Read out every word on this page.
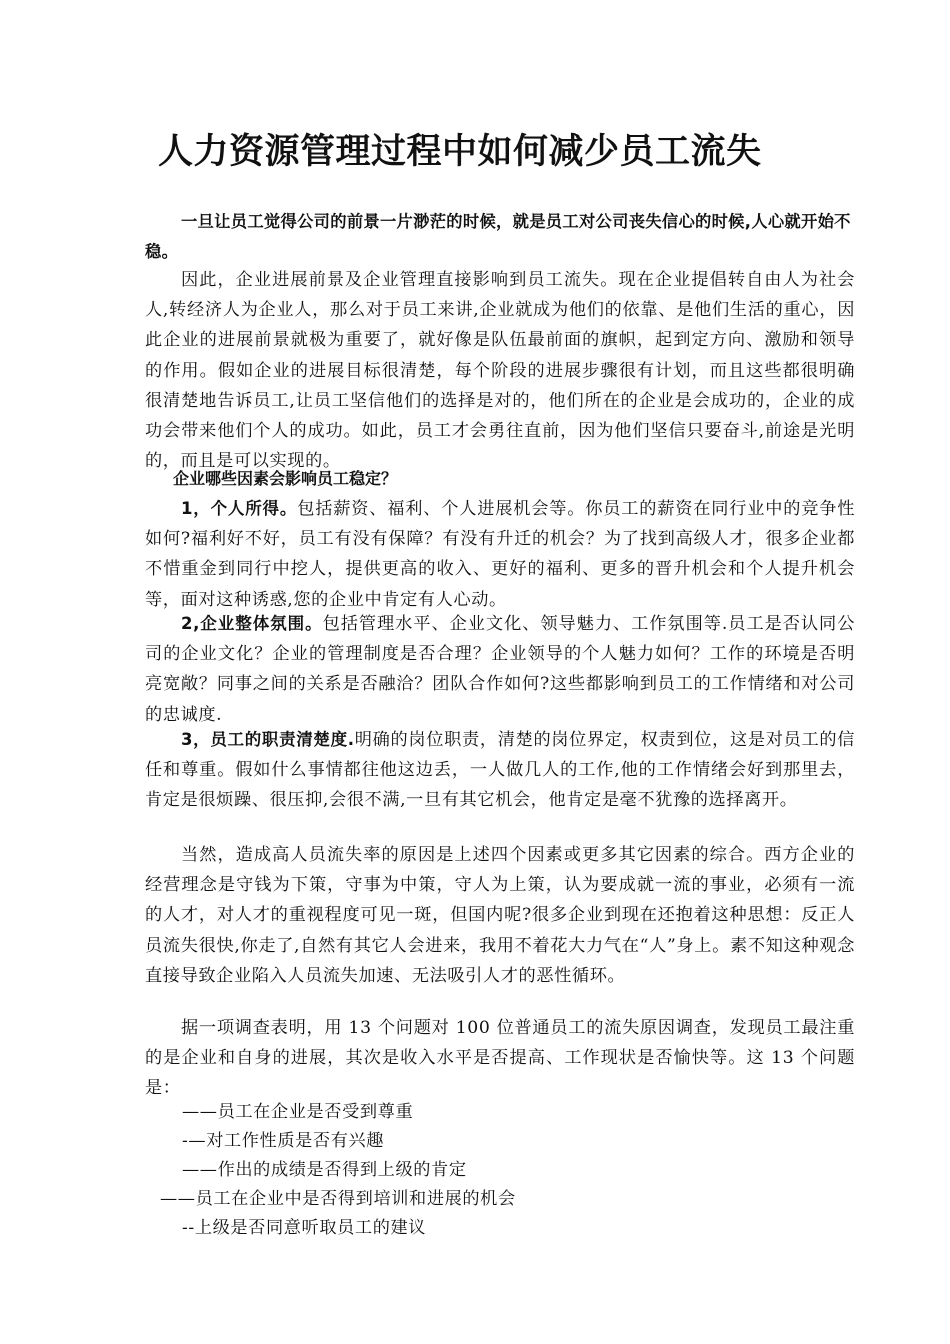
人力资源管理过程中如何减少员工流失

一旦让员工觉得公司的前景一片渺茫的时候，就是员工对公司丧失信心的时候,人心就开始不稳。

因此，企业进展前景及企业管理直接影响到员工流失。现在企业提倡转自由人为社会人,转经济人为企业人，那么对于员工来讲,企业就成为他们的依靠、是他们生活的重心，因此企业的进展前景就极为重要了，就好像是队伍最前面的旗帜，起到定方向、激励和领导的作用。假如企业的进展目标很清楚，每个阶段的进展步骤很有计划，而且这些都很明确很清楚地告诉员工,让员工坚信他们的选择是对的，他们所在的企业是会成功的，企业的成功会带来他们个人的成功。如此，员工才会勇往直前，因为他们坚信只要奋斗,前途是光明的，而且是可以实现的。

企业哪些因素会影响员工稳定？

1，个人所得。包括薪资、福利、个人进展机会等。你员工的薪资在同行业中的竞争性如何?福利好不好，员工有没有保障？有没有升迁的机会？为了找到高级人才，很多企业都不惜重金到同行中挖人，提供更高的收入、更好的福利、更多的晋升机会和个人提升机会等，面对这种诱惑,您的企业中肯定有人心动。

2,企业整体氛围。包括管理水平、企业文化、领导魅力、工作氛围等.员工是否认同公司的企业文化？企业的管理制度是否合理？企业领导的个人魅力如何？工作的环境是否明亮宽敞？同事之间的关系是否融洽？团队合作如何?这些都影响到员工的工作情绪和对公司的忠诚度.

3，员工的职责清楚度.明确的岗位职责，清楚的岗位界定，权责到位，这是对员工的信任和尊重。假如什么事情都往他这边丢，一人做几人的工作,他的工作情绪会好到那里去，肯定是很烦躁、很压抑,会很不满,一旦有其它机会，他肯定是毫不犹豫的选择离开。

当然，造成高人员流失率的原因是上述四个因素或更多其它因素的综合。西方企业的经营理念是守钱为下策，守事为中策，守人为上策，认为要成就一流的事业，必须有一流的人才，对人才的重视程度可见一斑，但国内呢?很多企业到现在还抱着这种思想：反正人员流失很快,你走了,自然有其它人会进来，我用不着花大力气在“人”身上。素不知这种观念直接导致企业陷入人员流失加速、无法吸引人才的恶性循环。

据一项调查表明，用 13 个问题对 100 位普通员工的流失原因调查，发现员工最注重的是企业和自身的进展，其次是收入水平是否提高、工作现状是否愉快等。这 13 个问题是：

——员工在企业是否受到尊重
-—对工作性质是否有兴趣
——作出的成绩是否得到上级的肯定
——员工在企业中是否得到培训和进展的机会
--上级是否同意听取员工的建议
